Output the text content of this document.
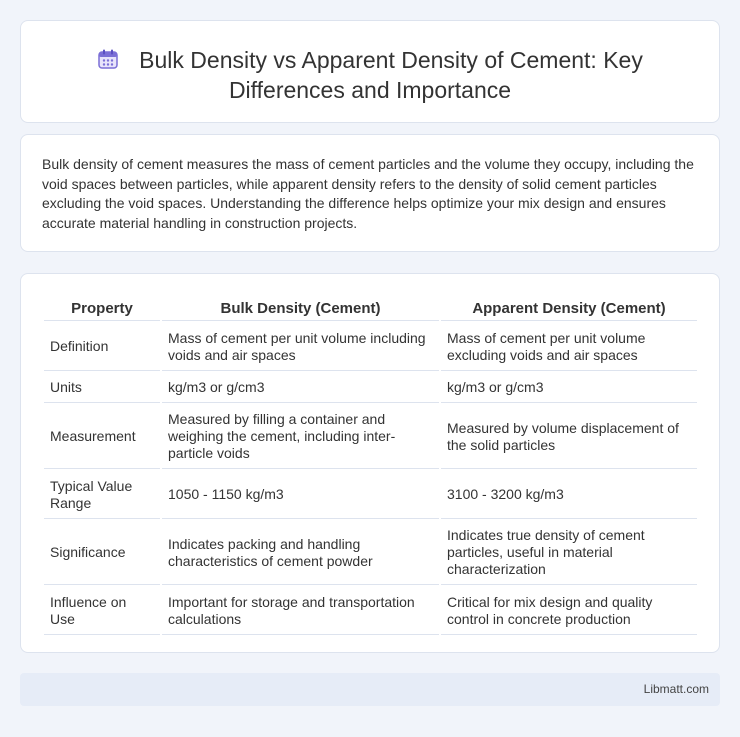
Bulk Density vs Apparent Density of Cement: Key
Differences and Importance
Bulk density of cement measures the mass of cement particles and the volume they occupy, including the void spaces between particles, while apparent density refers to the density of solid cement particles excluding the void spaces. Understanding the difference helps optimize your mix design and ensures accurate material handling in construction projects.
Property	Bulk Density (Cement)	Apparent Density (Cement)
Definition	Mass of cement per unit volume including voids and air spaces	Mass of cement per unit volume excluding voids and air spaces
Units	kg/m3 or g/cm3	kg/m3 or g/cm3
Measurement	Measured by filling a container and weighing the cement, including inter-particle voids	Measured by volume displacement of the solid particles
Typical Value Range	1050 - 1150 kg/m3	3100 - 3200 kg/m3
Significance	Indicates packing and handling characteristics of cement powder	Indicates true density of cement particles, useful in material characterization
Influence on Use	Important for storage and transportation calculations	Critical for mix design and quality control in concrete production
Libmatt.com
